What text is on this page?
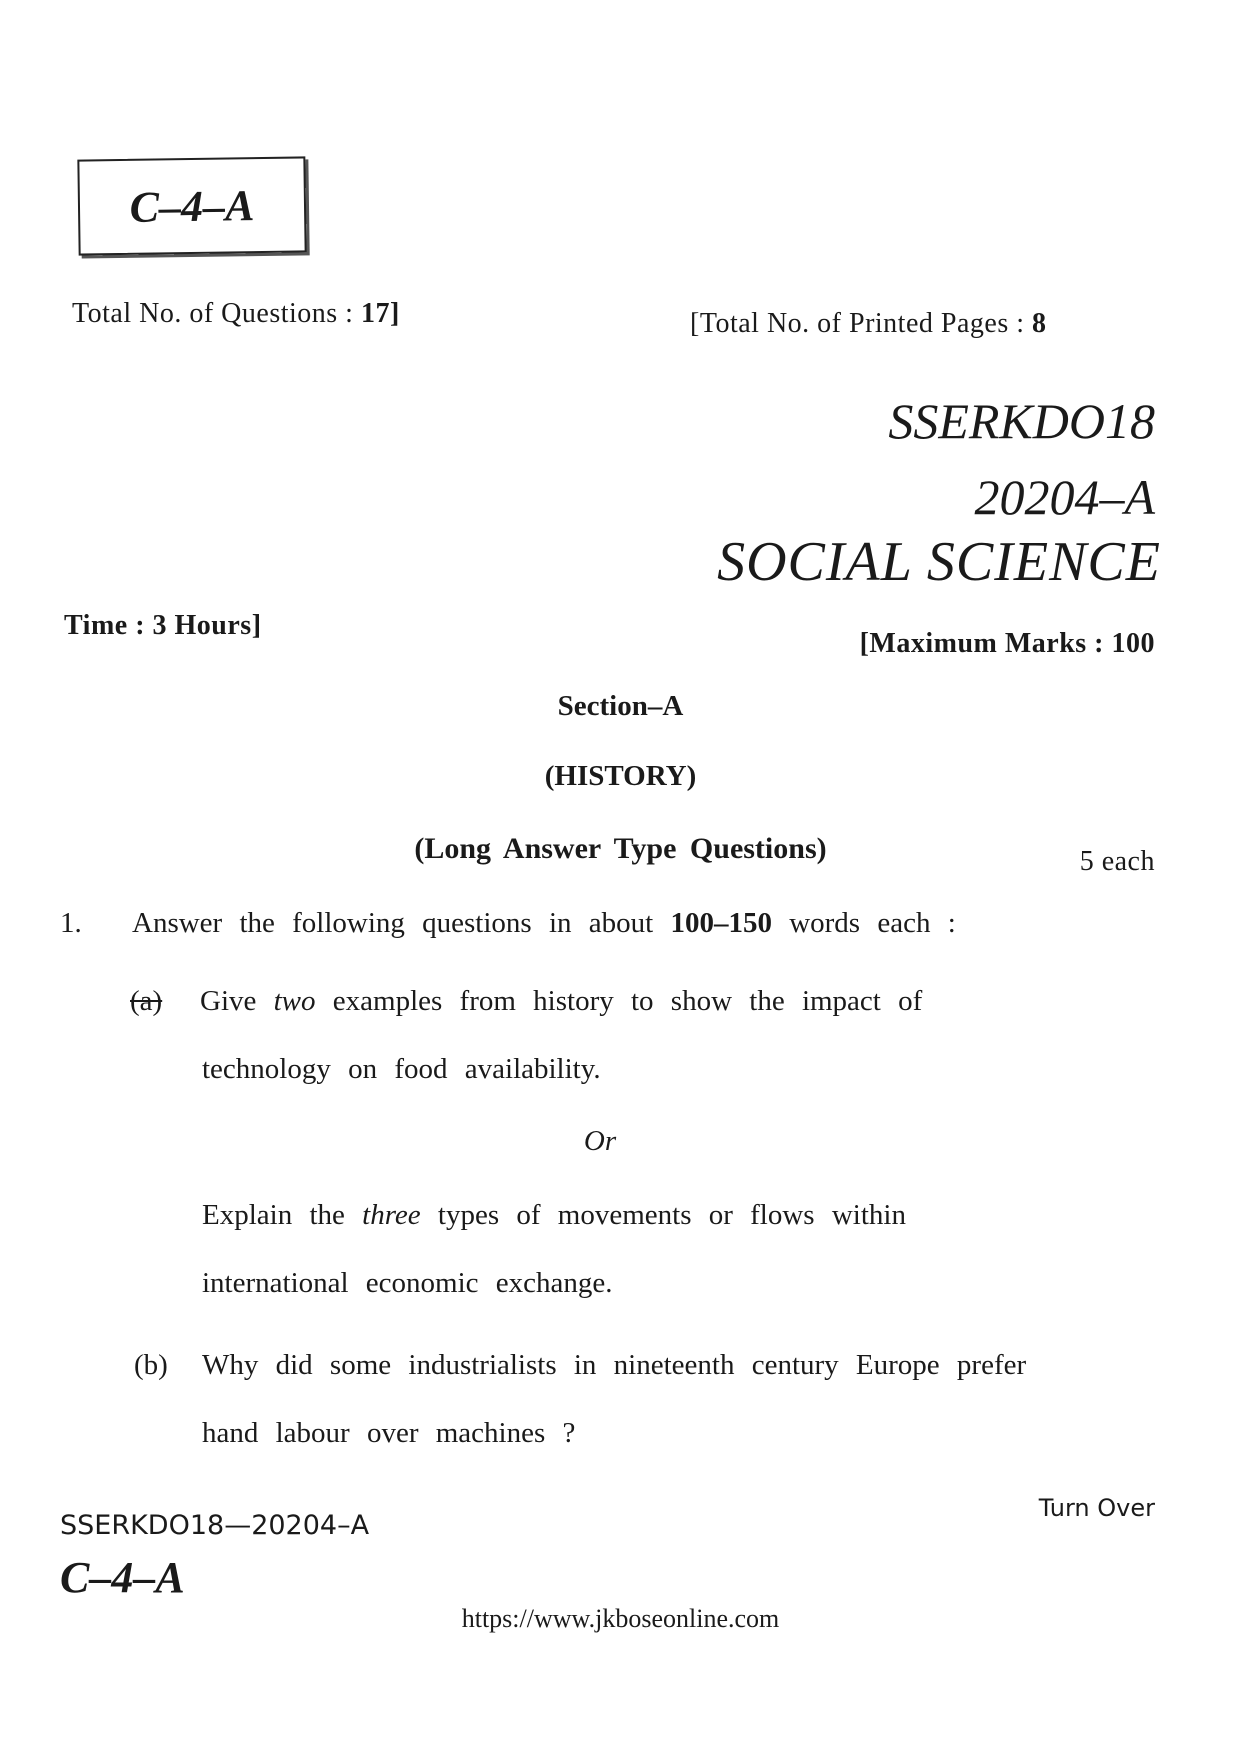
C–4–A
Total No. of Questions : 17]	[Total No. of Printed Pages : 8
SSERKDO18
20204–A
SOCIAL SCIENCE
Time : 3 Hours]
[Maximum Marks : 100
Section–A
(HISTORY)
(Long Answer Type Questions)	5 each
1. Answer the following questions in about 100–150 words each :
(a) Give two examples from history to show the impact of
technology on food availability.
Or
Explain the three types of movements or flows within
international economic exchange.
(b) Why did some industrialists in nineteenth century Europe prefer
hand labour over machines ?
Turn Over
SSERKDO18—20204–A
C–4–A
https://www.jkboseonline.com
